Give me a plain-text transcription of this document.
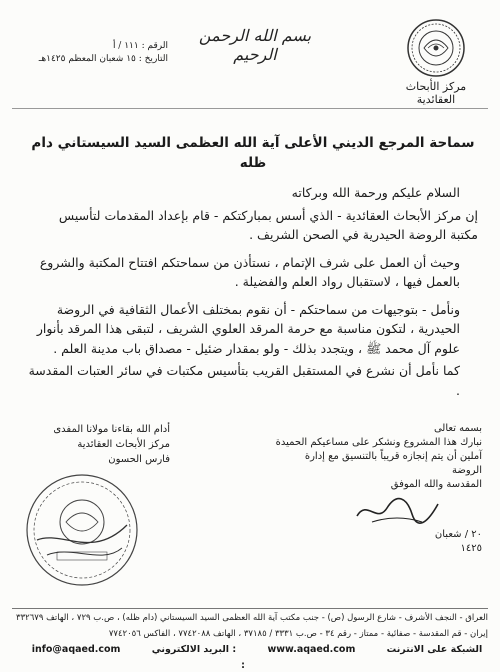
مركز الأبحاث العقائدية
بسم الله الرحمن الرحيم
الرقم : ١١١ / أ
التاريخ : ١٥ شعبان المعظم ١٤٢٥هـ

سماحة المرجع الديني الأعلى آية الله العظمى السيد السيستاني دام ظله

السلام عليكم ورحمة الله وبركاته

إن مركز الأبحاث العقائدية - الذي أسس بمباركتكم - قام بإعداد المقدمات لتأسيس مكتبة الروضة الحيدرية في الصحن الشريف .

وحيث أن العمل على شرف الإتمام ، نستأذن من سماحتكم افتتاح المكتبة والشروع بالعمل فيها ، لاستقبال رواد العلم والفضيلة .

ونأمل - بتوجيهات من سماحتكم - أن نقوم بمختلف الأعمال الثقافية في الروضة الحيدرية ، لتكون مناسبة مع حرمة المرقد العلوي الشريف ، لتبقى هذا المرقد بأنوار علوم آل محمد ﷺ ، ويتجدد بذلك - ولو بمقدار ضئيل - مصداق باب مدينة العلم .

كما نأمل أن نشرع في المستقبل القريب بتأسيس مكتبات في سائر العتبات المقدسة .

بسمه تعالى
نبارك هذا المشروع ونشكر على مساعيكم الحميدة
آملين أن يتم إنجازه قريباً بالتنسيق مع إدارة الروضة
المقدسة والله الموفق
٢٠ / شعبان
١٤٢٥
أدام الله بقاءنا مولانا المفدى
مركز الأبحاث العقائدية
فارس الحسون
العراق - النجف الأشرف - شارع الرسول (ص) - جنب مكتب آية الله العظمى السيد السيستاني (دام ظله) ، ص.ب ٧٢٩ ، الهاتف ٣٣٢٦٧٩
إيران - قم المقدسة - صفائية - ممتاز - رقم ٣٤ - ص.ب ٣٣٣١ / ٣٧١٨٥ ، الهاتف ٧٧٤٢٠٨٨ ، الفاكس ٧٧٤٢٠٥٦
info@aqaed.com	البريد الالكتروني :	www.aqaed.com	الشبكة على الانترنت :
